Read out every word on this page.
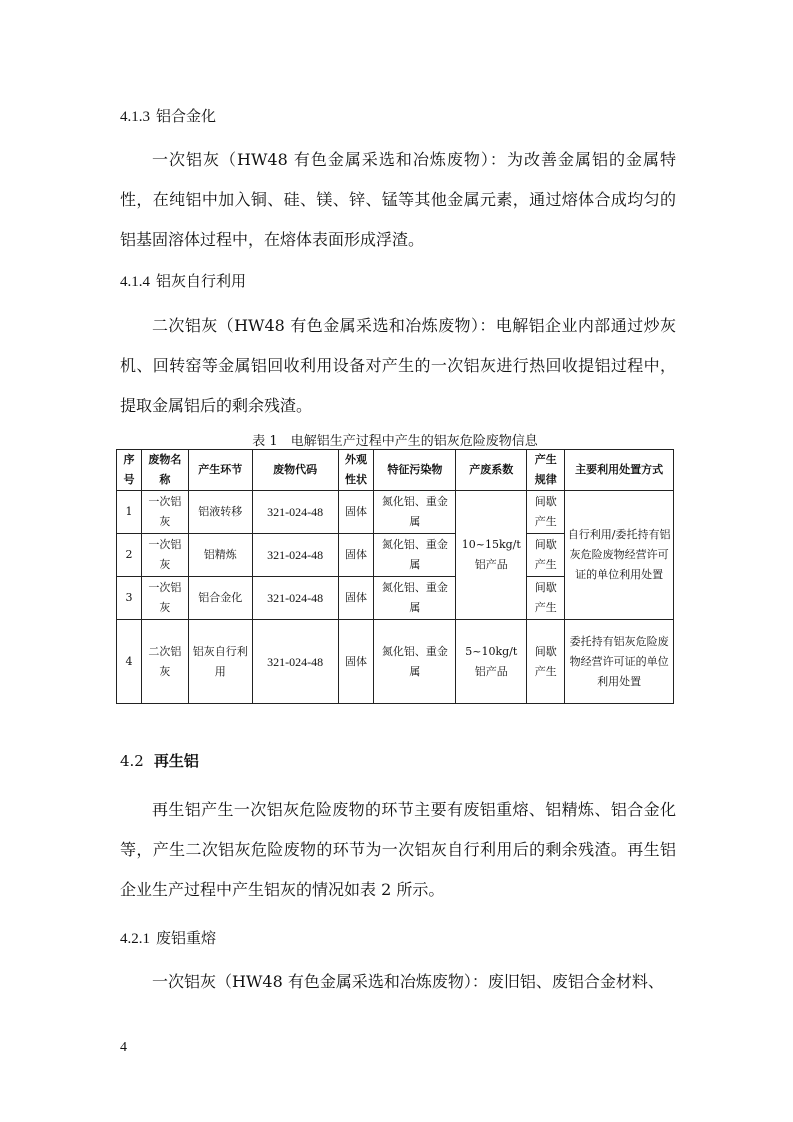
4.1.3 铝合金化

一次铝灰（HW48 有色金属采选和冶炼废物）：为改善金属铝的金属特性，在纯铝中加入铜、硅、镁、锌、锰等其他金属元素，通过熔体合成均匀的铝基固溶体过程中，在熔体表面形成浮渣。

4.1.4 铝灰自行利用

二次铝灰（HW48 有色金属采选和冶炼废物）：电解铝企业内部通过炒灰机、回转窑等金属铝回收利用设备对产生的一次铝灰进行热回收提铝过程中，提取金属铝后的剩余残渣。

表 1　电解铝生产过程中产生的铝灰危险废物信息
序号	废物名称	产生环节	废物代码	外观性状	特征污染物	产废系数	产生规律	主要利用处置方式
1	一次铝灰	铝液转移	321-024-48	固体	氮化铝、重金属	10~15kg/t 铝产品	间歇产生	自行利用/委托持有铝灰危险废物经营许可证的单位利用处置
2	一次铝灰	铝精炼	321-024-48	固体	氮化铝、重金属		间歇产生	
3	一次铝灰	铝合金化	321-024-48	固体	氮化铝、重金属		间歇产生	
4	二次铝灰	铝灰自行利用	321-024-48	固体	氮化铝、重金属	5~10kg/t 铝产品	间歇产生	委托持有铝灰危险废物经营许可证的单位利用处置
4.2 再生铝

再生铝产生一次铝灰危险废物的环节主要有废铝重熔、铝精炼、铝合金化等，产生二次铝灰危险废物的环节为一次铝灰自行利用后的剩余残渣。再生铝企业生产过程中产生铝灰的情况如表 2 所示。

4.2.1 废铝重熔

一次铝灰（HW48 有色金属采选和冶炼废物）：废旧铝、废铝合金材料、

4
